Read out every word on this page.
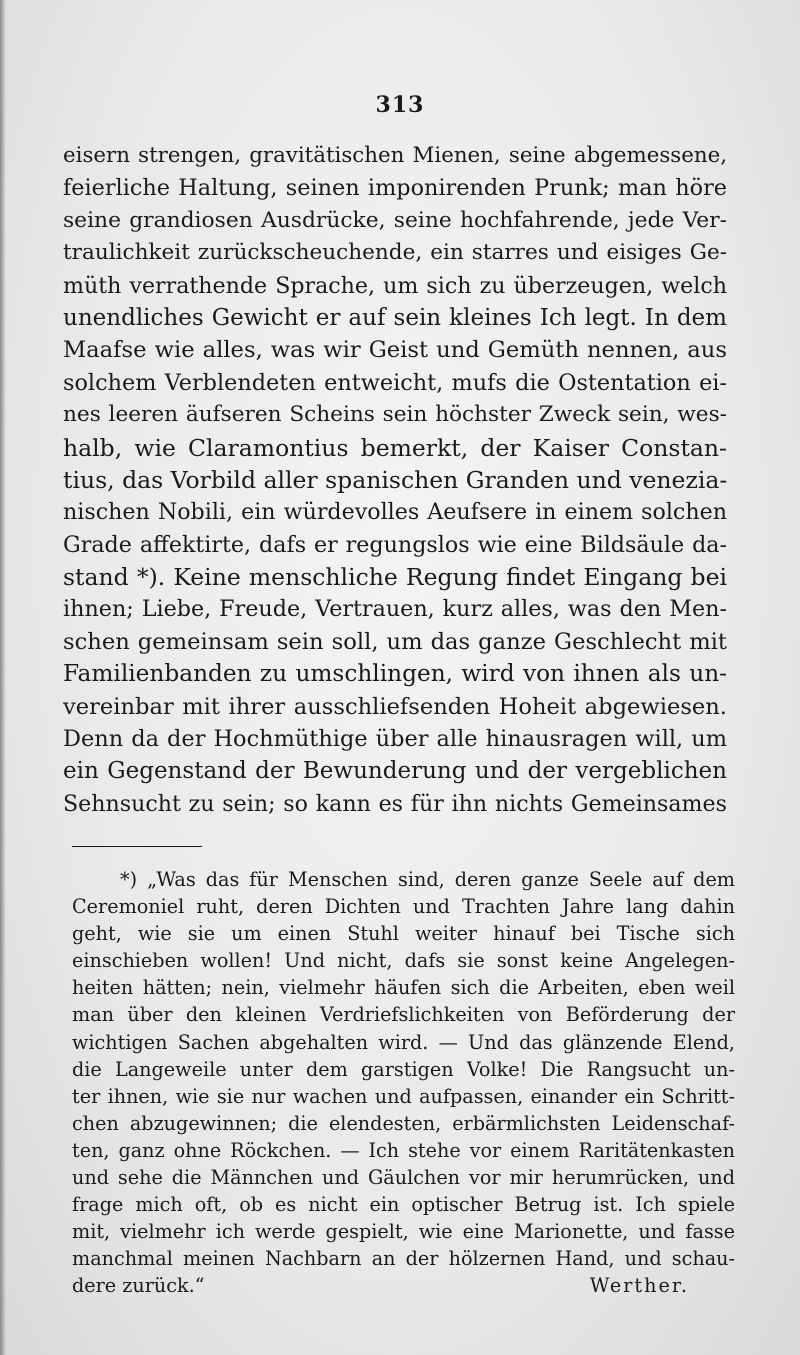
313
eisern strengen, gravitätischen Mienen, seine abgemessene,
feierliche Haltung, seinen imponirenden Prunk; man höre
seine grandiosen Ausdrücke, seine hochfahrende, jede Ver-
traulichkeit zurückscheuchende, ein starres und eisiges Ge-
müth verrathende Sprache, um sich zu überzeugen, welch
unendliches Gewicht er auf sein kleines Ich legt. In dem
Maafse wie alles, was wir Geist und Gemüth nennen, aus
solchem Verblendeten entweicht, mufs die Ostentation ei-
nes leeren äufseren Scheins sein höchster Zweck sein, wes-
halb, wie Claramontius bemerkt, der Kaiser Constan-
tius, das Vorbild aller spanischen Granden und venezia-
nischen Nobili, ein würdevolles Aeufsere in einem solchen
Grade affektirte, dafs er regungslos wie eine Bildsäule da-
stand *). Keine menschliche Regung findet Eingang bei
ihnen; Liebe, Freude, Vertrauen, kurz alles, was den Men-
schen gemeinsam sein soll, um das ganze Geschlecht mit
Familienbanden zu umschlingen, wird von ihnen als un-
vereinbar mit ihrer ausschliefsenden Hoheit abgewiesen.
Denn da der Hochmüthige über alle hinausragen will, um
ein Gegenstand der Bewunderung und der vergeblichen
Sehnsucht zu sein; so kann es für ihn nichts Gemeinsames
*) „Was das für Menschen sind, deren ganze Seele auf dem
Ceremoniel ruht, deren Dichten und Trachten Jahre lang dahin
geht, wie sie um einen Stuhl weiter hinauf bei Tische sich
einschieben wollen! Und nicht, dafs sie sonst keine Angelegen-
heiten hätten; nein, vielmehr häufen sich die Arbeiten, eben weil
man über den kleinen Verdriefslichkeiten von Beförderung der
wichtigen Sachen abgehalten wird. — Und das glänzende Elend,
die Langeweile unter dem garstigen Volke! Die Rangsucht un-
ter ihnen, wie sie nur wachen und aufpassen, einander ein Schritt-
chen abzugewinnen; die elendesten, erbärmlichsten Leidenschaf-
ten, ganz ohne Röckchen. — Ich stehe vor einem Raritätenkasten
und sehe die Männchen und Gäulchen vor mir herumrücken, und
frage mich oft, ob es nicht ein optischer Betrug ist. Ich spiele
mit, vielmehr ich werde gespielt, wie eine Marionette, und fasse
manchmal meinen Nachbarn an der hölzernen Hand, und schau-
dere zurück.“	Werther.
